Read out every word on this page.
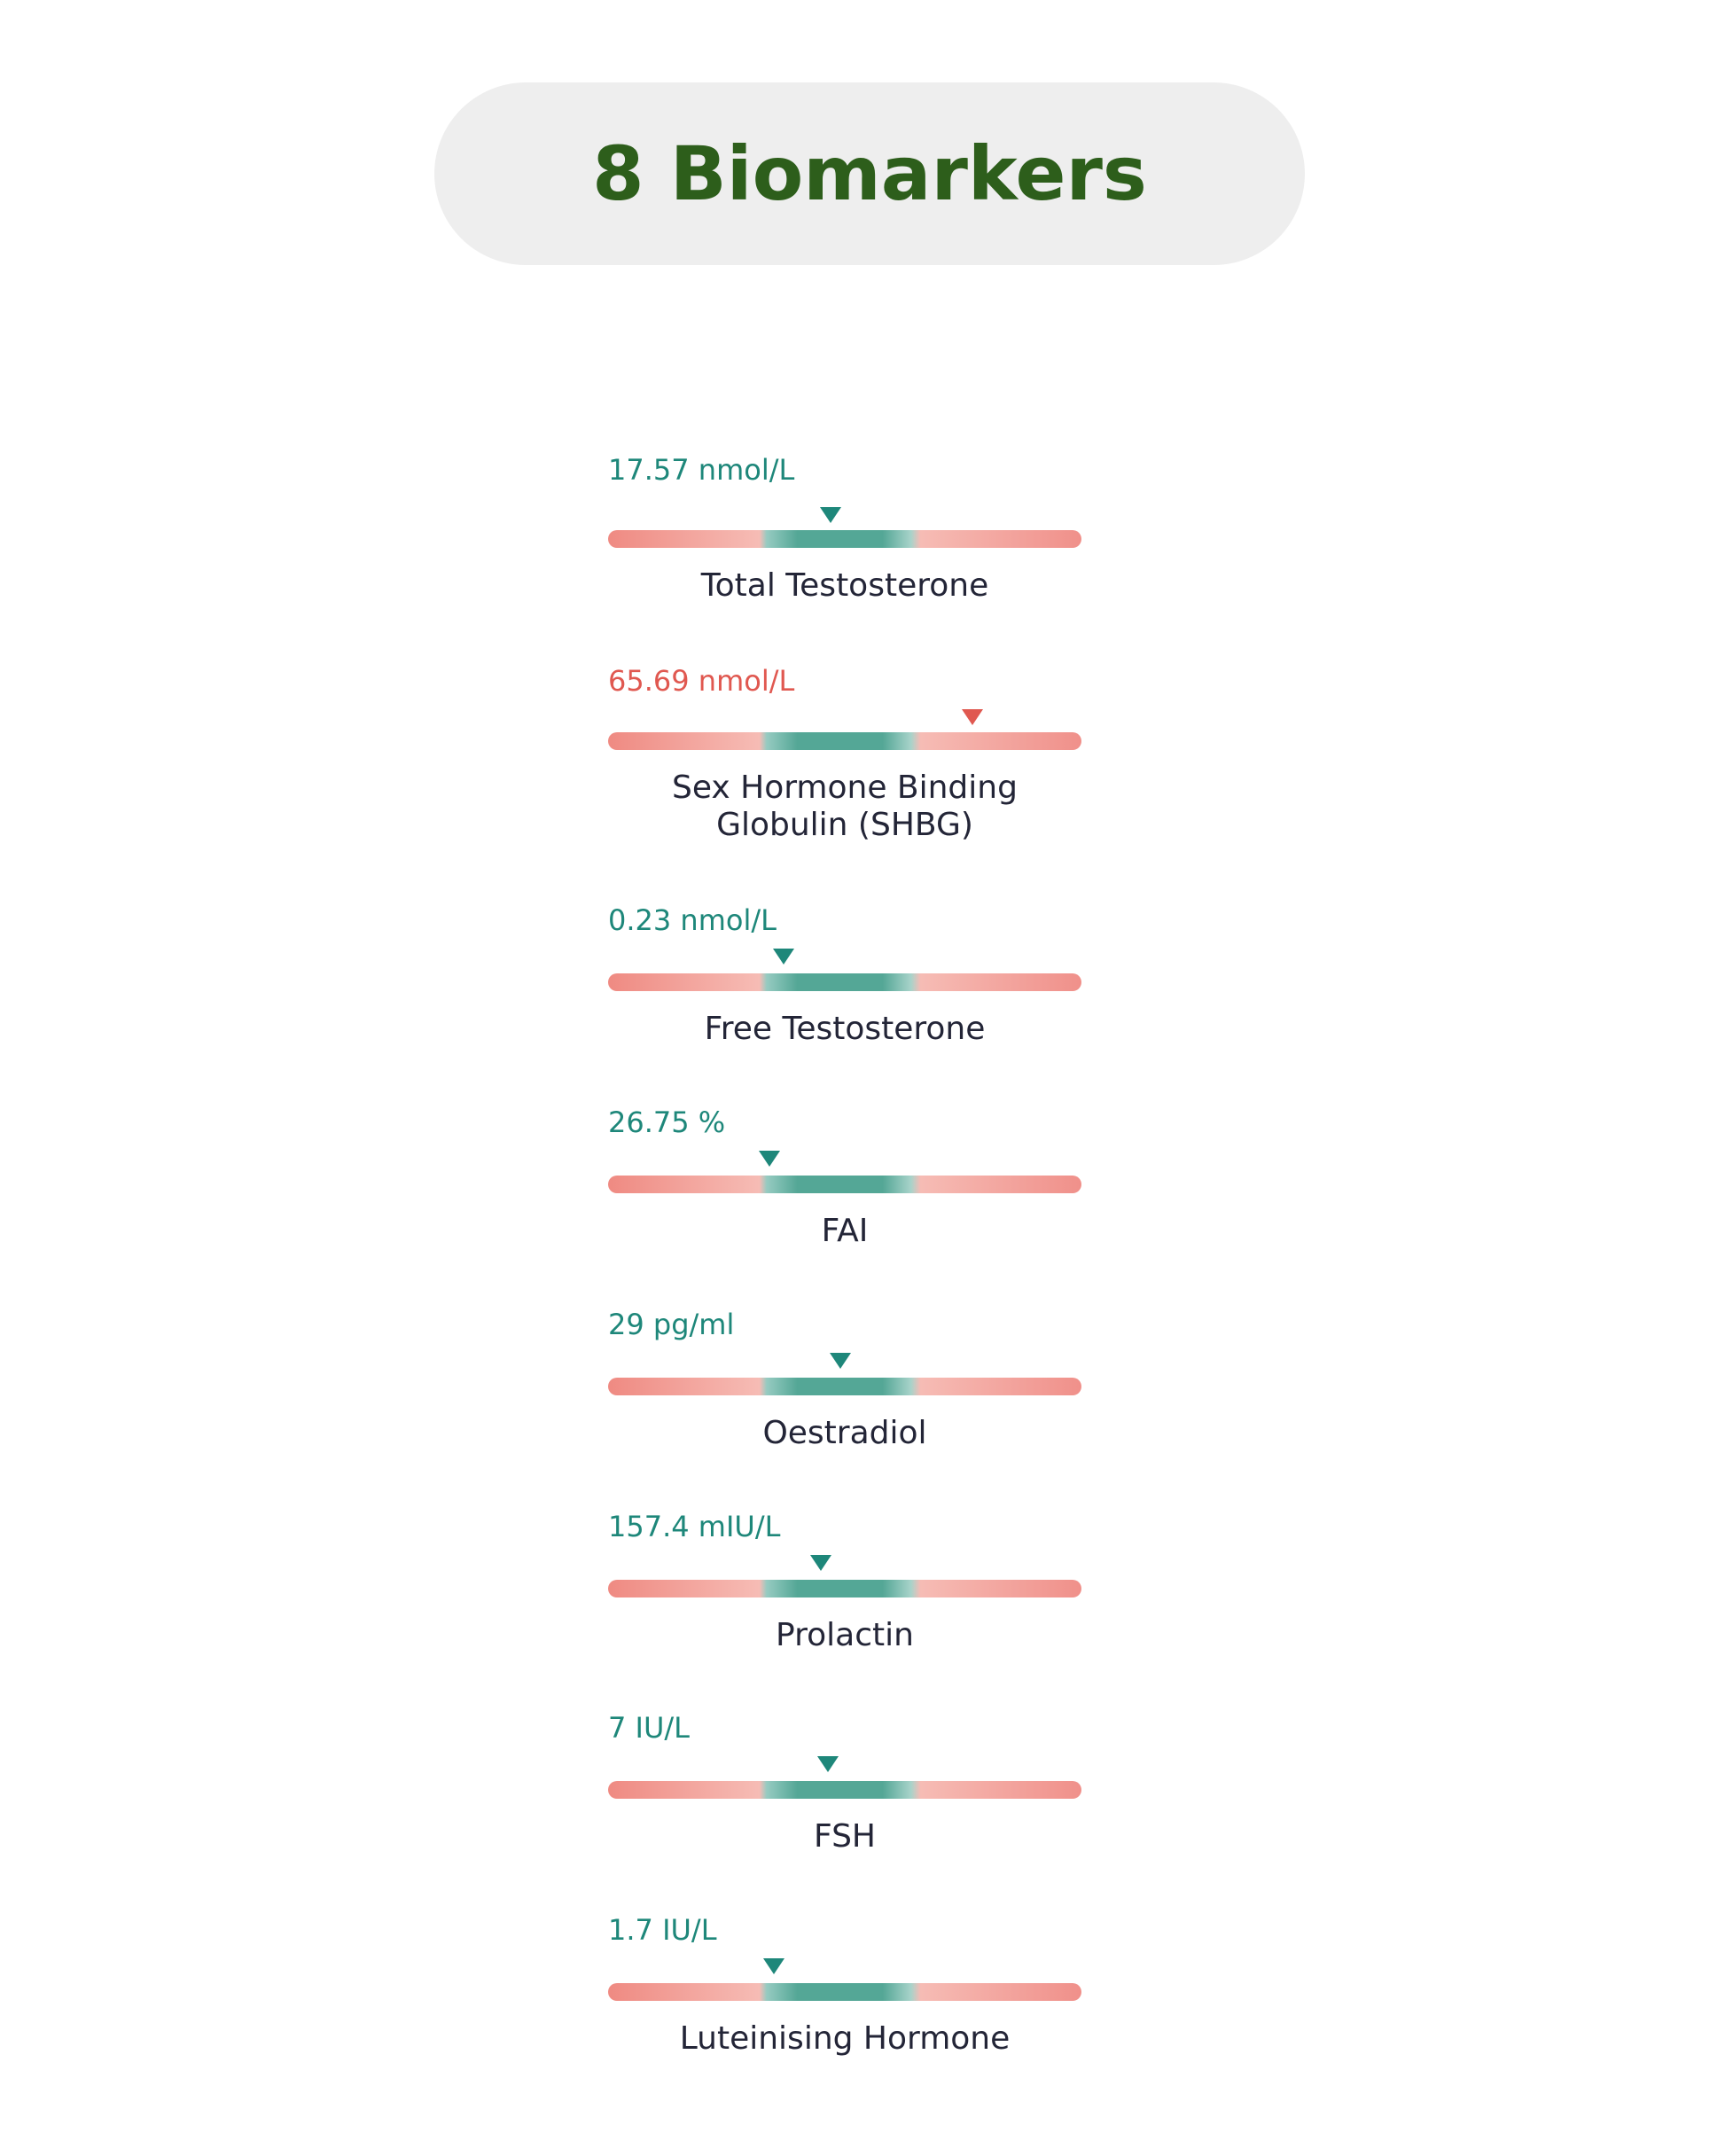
8 Biomarkers
17.57 nmol/L
Total Testosterone
65.69 nmol/L
Sex Hormone Binding Globulin (SHBG)
0.23 nmol/L
Free Testosterone
26.75 %
FAI
29 pg/ml
Oestradiol
157.4 mIU/L
Prolactin
7 IU/L
FSH
1.7 IU/L
Luteinising Hormone
